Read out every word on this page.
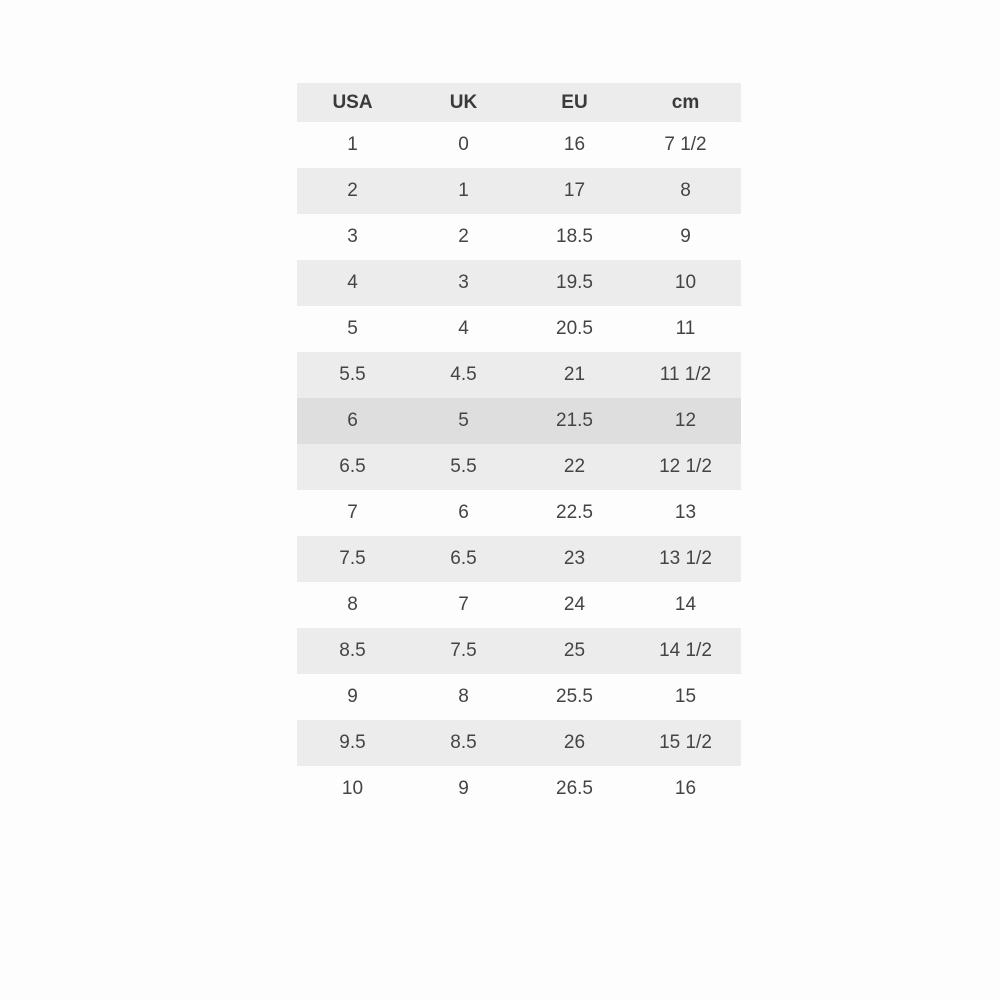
USA	UK	EU	cm
1	0	16	7 1/2
2	1	17	8
3	2	18.5	9
4	3	19.5	10
5	4	20.5	11
5.5	4.5	21	11 1/2
6	5	21.5	12
6.5	5.5	22	12 1/2
7	6	22.5	13
7.5	6.5	23	13 1/2
8	7	24	14
8.5	7.5	25	14 1/2
9	8	25.5	15
9.5	8.5	26	15 1/2
10	9	26.5	16
